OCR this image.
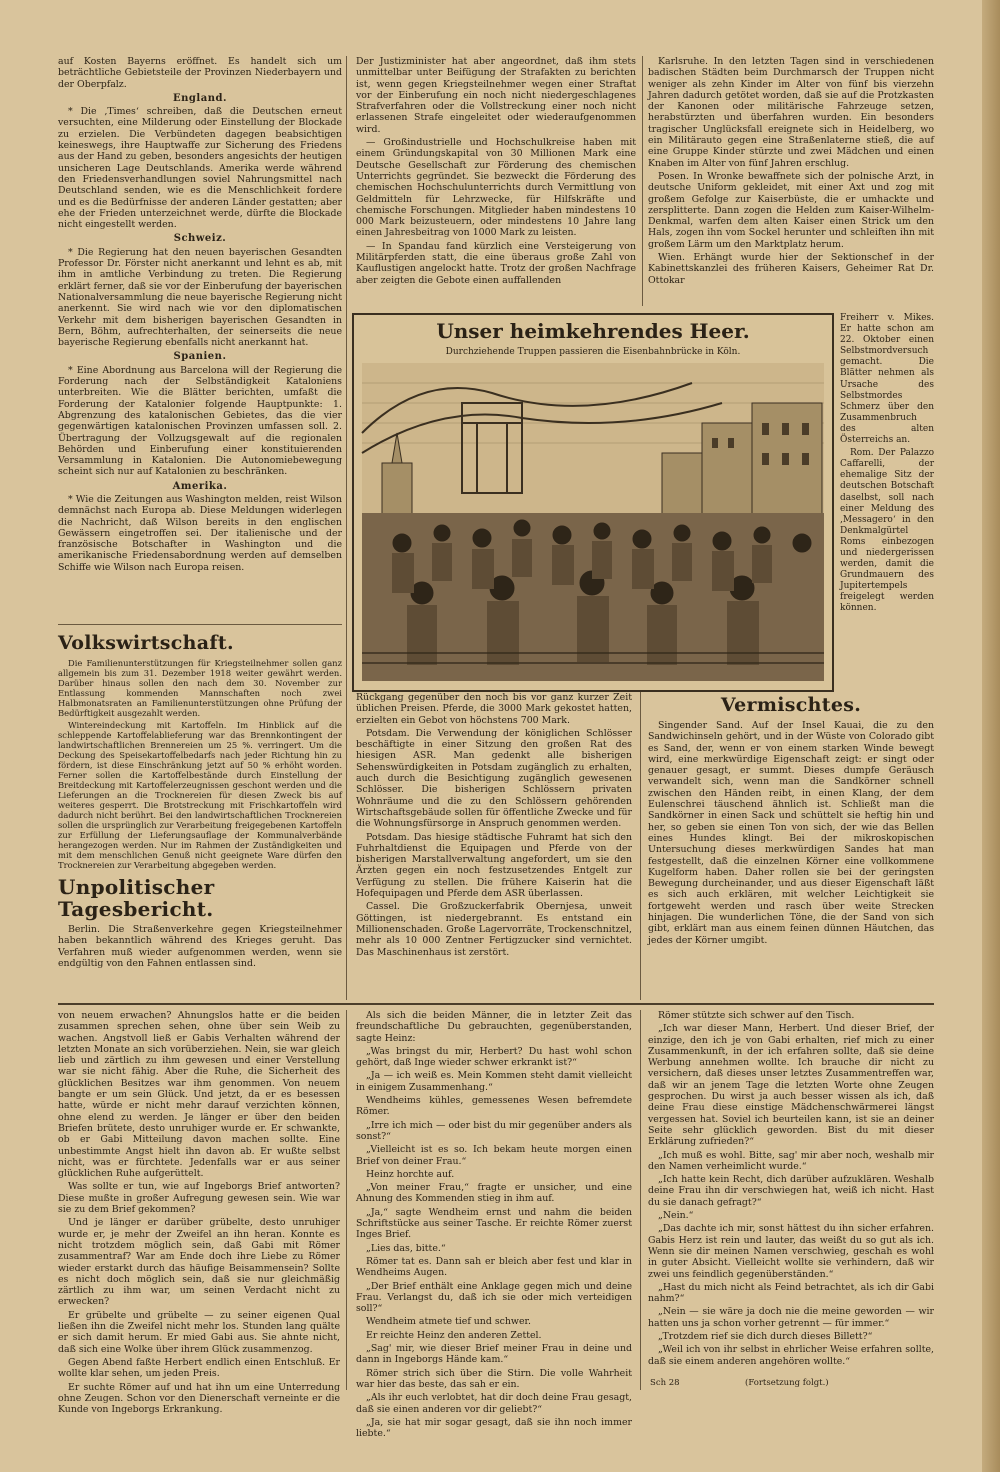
auf Kosten Bayerns eröffnet. Es handelt sich um beträchtliche Gebietsteile der Provinzen Niederbayern und der Oberpfalz.

England.

* Die ‚Times‘ schreiben, daß die Deutschen erneut versuchten, eine Milderung oder Einstellung der Blockade zu erzielen. Die Verbündeten dagegen beabsichtigen keineswegs, ihre Hauptwaffe zur Sicherung des Friedens aus der Hand zu geben, besonders angesichts der heutigen unsicheren Lage Deutschlands. Amerika werde während den Friedensverhandlungen soviel Nahrungsmittel nach Deutschland senden, wie es die Menschlichkeit fordere und es die Bedürfnisse der anderen Länder gestatten; aber ehe der Frieden unterzeichnet werde, dürfte die Blockade nicht eingestellt werden.

Schweiz.

* Die Regierung hat den neuen bayerischen Gesandten Professor Dr. Förster nicht anerkannt und lehnt es ab, mit ihm in amtliche Verbindung zu treten. Die Regierung erklärt ferner, daß sie vor der Einberufung der bayerischen Nationalversammlung die neue bayerische Regierung nicht anerkennt. Sie wird nach wie vor den diplomatischen Verkehr mit dem bisherigen bayerischen Gesandten in Bern, Böhm, aufrechterhalten, der seinerseits die neue bayerische Regierung ebenfalls nicht anerkannt hat.

Spanien.

* Eine Abordnung aus Barcelona will der Regierung die Forderung nach der Selbständigkeit Kataloniens unterbreiten. Wie die Blätter berichten, umfaßt die Forderung der Katalonier folgende Hauptpunkte: 1. Abgrenzung des katalonischen Gebietes, das die vier gegenwärtigen katalonischen Provinzen umfassen soll. 2. Übertragung der Vollzugsgewalt auf die regionalen Behörden und Einberufung einer konstituierenden Versammlung in Katalonien. Die Autonomiebewegung scheint sich nur auf Katalonien zu beschränken.

Amerika.

* Wie die Zeitungen aus Washington melden, reist Wilson demnächst nach Europa ab. Diese Meldungen widerlegen die Nachricht, daß Wilson bereits in den englischen Gewässern eingetroffen sei. Der italienische und der französische Botschafter in Washington und die amerikanische Friedensabordnung werden auf demselben Schiffe wie Wilson nach Europa reisen.

Volkswirtschaft.

Die Familienunterstützungen für Kriegsteilnehmer sollen ganz allgemein bis zum 31. Dezember 1918 weiter gewährt werden. Darüber hinaus sollen den nach dem 30. November zur Entlassung kommenden Mannschaften noch zwei Halbmonatsraten an Familienunterstützungen ohne Prüfung der Bedürftigkeit ausgezahlt werden.

Wintereindeckung mit Kartoffeln. Im Hinblick auf die schleppende Kartoffelablieferung war das Brennkontingent der landwirtschaftlichen Brennereien um 25 %. verringert. Um die Deckung des Speisekartoffelbedarfs nach jeder Richtung hin zu fördern, ist diese Einschränkung jetzt auf 50 % erhöht worden. Ferner sollen die Kartoffelbestände durch Einstellung der Breitdeckung mit Kartoffelerzeugnissen geschont werden und die Lieferungen an die Trocknereien für diesen Zweck bis auf weiteres gesperrt. Die Brotstreckung mit Frischkartoffeln wird dadurch nicht berührt. Bei den landwirtschaftlichen Trocknereien sollen die ursprünglich zur Verarbeitung freigegebenen Kartoffeln zur Erfüllung der Lieferungsauflage der Kommunalverbände herangezogen werden. Nur im Rahmen der Zuständigkeiten und mit dem menschlichen Genuß nicht geeignete Ware dürfen den Trocknereien zur Verarbeitung abgegeben werden.

Unpolitischer Tagesbericht.

Berlin. Die Straßenverkehre gegen Kriegsteilnehmer haben bekanntlich während des Krieges geruht. Das Verfahren muß wieder aufgenommen werden, wenn sie endgültig von den Fahnen entlassen sind.

Der Justizminister hat aber angeordnet, daß ihm stets unmittelbar unter Beifügung der Strafakten zu berichten ist, wenn gegen Kriegsteilnehmer wegen einer Straftat vor der Einberufung ein noch nicht niedergeschlagenes Strafverfahren oder die Vollstreckung einer noch nicht erlassenen Strafe eingeleitet oder wiederaufgenommen wird.

— Großindustrielle und Hochschulkreise haben mit einem Gründungskapital von 30 Millionen Mark eine Deutsche Gesellschaft zur Förderung des chemischen Unterrichts gegründet. Sie bezweckt die Förderung des chemischen Hochschulunterrichts durch Vermittlung von Geldmitteln für Lehrzwecke, für Hilfskräfte und chemische Forschungen. Mitglieder haben mindestens 10 000 Mark beizusteuern, oder mindestens 10 Jahre lang einen Jahresbeitrag von 1000 Mark zu leisten.

— In Spandau fand kürzlich eine Versteigerung von Militärpferden statt, die eine überaus große Zahl von Kauflustigen angelockt hatte. Trotz der großen Nachfrage aber zeigten die Gebote einen auffallenden

Karlsruhe. In den letzten Tagen sind in verschiedenen badischen Städten beim Durchmarsch der Truppen nicht weniger als zehn Kinder im Alter von fünf bis vierzehn Jahren dadurch getötet worden, daß sie auf die Protzkasten der Kanonen oder militärische Fahrzeuge setzen, herabstürzten und überfahren wurden. Ein besonders tragischer Unglücksfall ereignete sich in Heidelberg, wo ein Militärauto gegen eine Straßenlaterne stieß, die auf eine Gruppe Kinder stürzte und zwei Mädchen und einen Knaben im Alter von fünf Jahren erschlug.

Posen. In Wronke bewaffnete sich der polnische Arzt, in deutsche Uniform gekleidet, mit einer Axt und zog mit großem Gefolge zur Kaiserbüste, die er umhackte und zersplitterte. Dann zogen die Helden zum Kaiser-Wilhelm-Denkmal, warfen dem alten Kaiser einen Strick um den Hals, zogen ihn vom Sockel herunter und schleiften ihn mit großem Lärm um den Marktplatz herum.

Wien. Erhängt wurde hier der Sektionschef in der Kabinettskanzlei des früheren Kaisers, Geheimer Rat Dr. Ottokar

Unser heimkehrendes Heer.
Durchziehende Truppen passieren die Eisenbahnbrücke in Köln.

Freiherr v. Mikes. Er hatte schon am 22. Oktober einen Selbstmordversuch gemacht. Die Blätter nehmen als Ursache des Selbstmordes Schmerz über den Zusammenbruch des alten Österreichs an.

Rom. Der Palazzo Caffarelli, der ehemalige Sitz der deutschen Botschaft daselbst, soll nach einer Meldung des ‚Messagero‘ in den Denkmalgürtel Roms einbezogen und niedergerissen werden, damit die Grundmauern des Jupitertempels freigelegt werden können.

Rückgang gegenüber den noch bis vor ganz kurzer Zeit üblichen Preisen. Pferde, die 3000 Mark gekostet hatten, erzielten ein Gebot von höchstens 700 Mark.

Potsdam. Die Verwendung der königlichen Schlösser beschäftigte in einer Sitzung den großen Rat des hiesigen ASR. Man gedenkt alle bisherigen Sehenswürdigkeiten in Potsdam zugänglich zu erhalten, auch durch die Besichtigung zugänglich gewesenen Schlösser. Die bisherigen Schlössern privaten Wohnräume und die zu den Schlössern gehörenden Wirtschaftsgebäude sollen für öffentliche Zwecke und für die Wohnungsfürsorge in Anspruch genommen werden.

Potsdam. Das hiesige städtische Fuhramt hat sich den Fuhrhaltdienst die Equipagen und Pferde von der bisherigen Marstallverwaltung angefordert, um sie den Ärzten gegen ein noch festzusetzendes Entgelt zur Verfügung zu stellen. Die frühere Kaiserin hat die Hofequipagen und Pferde dem ASR überlassen.

Cassel. Die Großzuckerfabrik Obernjesa, unweit Göttingen, ist niedergebrannt. Es entstand ein Millionenschaden. Große Lagervorräte, Trockenschnitzel, mehr als 10 000 Zentner Fertigzucker sind vernichtet. Das Maschinenhaus ist zerstört.

Vermischtes.

Singender Sand. Auf der Insel Kauai, die zu den Sandwichinseln gehört, und in der Wüste von Colorado gibt es Sand, der, wenn er von einem starken Winde bewegt wird, eine merkwürdige Eigenschaft zeigt: er singt oder genauer gesagt, er summt. Dieses dumpfe Geräusch verwandelt sich, wenn man die Sandkörner schnell zwischen den Händen reibt, in einen Klang, der dem Eulenschrei täuschend ähnlich ist. Schließt man die Sandkörner in einen Sack und schüttelt sie heftig hin und her, so geben sie einen Ton von sich, der wie das Bellen eines Hundes klingt. Bei der mikroskopischen Untersuchung dieses merkwürdigen Sandes hat man festgestellt, daß die einzelnen Körner eine vollkommene Kugelform haben. Daher rollen sie bei der geringsten Bewegung durcheinander, und aus dieser Eigenschaft läßt es sich auch erklären, mit welcher Leichtigkeit sie fortgeweht werden und rasch über weite Strecken hinjagen. Die wunderlichen Töne, die der Sand von sich gibt, erklärt man aus einem feinen dünnen Häutchen, das jedes der Körner umgibt.

von neuem erwachen? Ahnungslos hatte er die beiden zusammen sprechen sehen, ohne über sein Weib zu wachen. Angstvoll ließ er Gabis Verhalten während der letzten Monate an sich vorüberziehen. Nein, sie war gleich lieb und zärtlich zu ihm gewesen und einer Verstellung war sie nicht fähig. Aber die Ruhe, die Sicherheit des glücklichen Besitzes war ihm genommen. Von neuem bangte er um sein Glück. Und jetzt, da er es besessen hatte, würde er nicht mehr darauf verzichten können, ohne elend zu werden. Je länger er über den beiden Briefen brütete, desto unruhiger wurde er. Er schwankte, ob er Gabi Mitteilung davon machen sollte. Eine unbestimmte Angst hielt ihn davon ab. Er wußte selbst nicht, was er fürchtete. Jedenfalls war er aus seiner glücklichen Ruhe aufgerüttelt.

Was sollte er tun, wie auf Ingeborgs Brief antworten? Diese mußte in großer Aufregung gewesen sein. Wie war sie zu dem Brief gekommen?

Und je länger er darüber grübelte, desto unruhiger wurde er, je mehr der Zweifel an ihn heran. Konnte es nicht trotzdem möglich sein, daß Gabi mit Römer zusammentraf? War am Ende doch ihre Liebe zu Römer wieder erstarkt durch das häufige Beisammensein? Sollte es nicht doch möglich sein, daß sie nur gleichmäßig zärtlich zu ihm war, um seinen Verdacht nicht zu erwecken?

Er grübelte und grübelte — zu seiner eigenen Qual ließen ihn die Zweifel nicht mehr los. Stunden lang quälte er sich damit herum. Er mied Gabi aus. Sie ahnte nicht, daß sich eine Wolke über ihrem Glück zusammenzog.

Gegen Abend faßte Herbert endlich einen Entschluß. Er wollte klar sehen, um jeden Preis.

Er suchte Römer auf und hat ihn um eine Unterredung ohne Zeugen. Schon vor den Dienerschaft verneinte er die Kunde von Ingeborgs Erkrankung.

Als sich die beiden Männer, die in letzter Zeit das freundschaftliche Du gebrauchten, gegenüberstanden, sagte Heinz:

„Was bringst du mir, Herbert? Du hast wohl schon gehört, daß Inge wieder schwer erkrankt ist?“

„Ja — ich weiß es. Mein Kommen steht damit vielleicht in einigem Zusammenhang.“

Wendheims kühles, gemessenes Wesen befremdete Römer.

„Irre ich mich — oder bist du mir gegenüber anders als sonst?“

„Vielleicht ist es so. Ich bekam heute morgen einen Brief von deiner Frau.“

Heinz horchte auf.

„Von meiner Frau,“ fragte er unsicher, und eine Ahnung des Kommenden stieg in ihm auf.

„Ja,“ sagte Wendheim ernst und nahm die beiden Schriftstücke aus seiner Tasche. Er reichte Römer zuerst Inges Brief.

„Lies das, bitte.“

Römer tat es. Dann sah er bleich aber fest und klar in Wendheims Augen.

„Der Brief enthält eine Anklage gegen mich und deine Frau. Verlangst du, daß ich sie oder mich verteidigen soll?“

Wendheim atmete tief und schwer.

Er reichte Heinz den anderen Zettel.

„Sag' mir, wie dieser Brief meiner Frau in deine und dann in Ingeborgs Hände kam.“

Römer strich sich über die Stirn. Die volle Wahrheit war hier das beste, das sah er ein.

„Als ihr euch verlobtet, hat dir doch deine Frau gesagt, daß sie einen anderen vor dir geliebt?“

„Ja, sie hat mir sogar gesagt, daß sie ihn noch immer liebte.“

Römer stützte sich schwer auf den Tisch.

„Ich war dieser Mann, Herbert. Und dieser Brief, der einzige, den ich je von Gabi erhalten, rief mich zu einer Zusammenkunft, in der ich erfahren sollte, daß sie deine Werbung annehmen wollte. Ich brauche dir nicht zu versichern, daß dieses unser letztes Zusammentreffen war, daß wir an jenem Tage die letzten Worte ohne Zeugen gesprochen. Du wirst ja auch besser wissen als ich, daß deine Frau diese einstige Mädchenschwärmerei längst vergessen hat. Soviel ich beurteilen kann, ist sie an deiner Seite sehr glücklich geworden. Bist du mit dieser Erklärung zufrieden?“

„Ich muß es wohl. Bitte, sag' mir aber noch, weshalb mir den Namen verheimlicht wurde.“

„Ich hatte kein Recht, dich darüber aufzuklären. Weshalb deine Frau ihn dir verschwiegen hat, weiß ich nicht. Hast du sie danach gefragt?“

„Nein.“

„Das dachte ich mir, sonst hättest du ihn sicher erfahren. Gabis Herz ist rein und lauter, das weißt du so gut als ich. Wenn sie dir meinen Namen verschwieg, geschah es wohl in guter Absicht. Vielleicht wollte sie verhindern, daß wir zwei uns feindlich gegenüberständen.“

„Hast du mich nicht als Feind betrachtet, als ich dir Gabi nahm?“

„Nein — sie wäre ja doch nie die meine geworden — wir hatten uns ja schon vorher getrennt — für immer.“

„Trotzdem rief sie dich durch dieses Billett?“

„Weil ich von ihr selbst in ehrlicher Weise erfahren sollte, daß sie einem anderen angehören wollte.“

Sch 28	(Fortsetzung folgt.)
